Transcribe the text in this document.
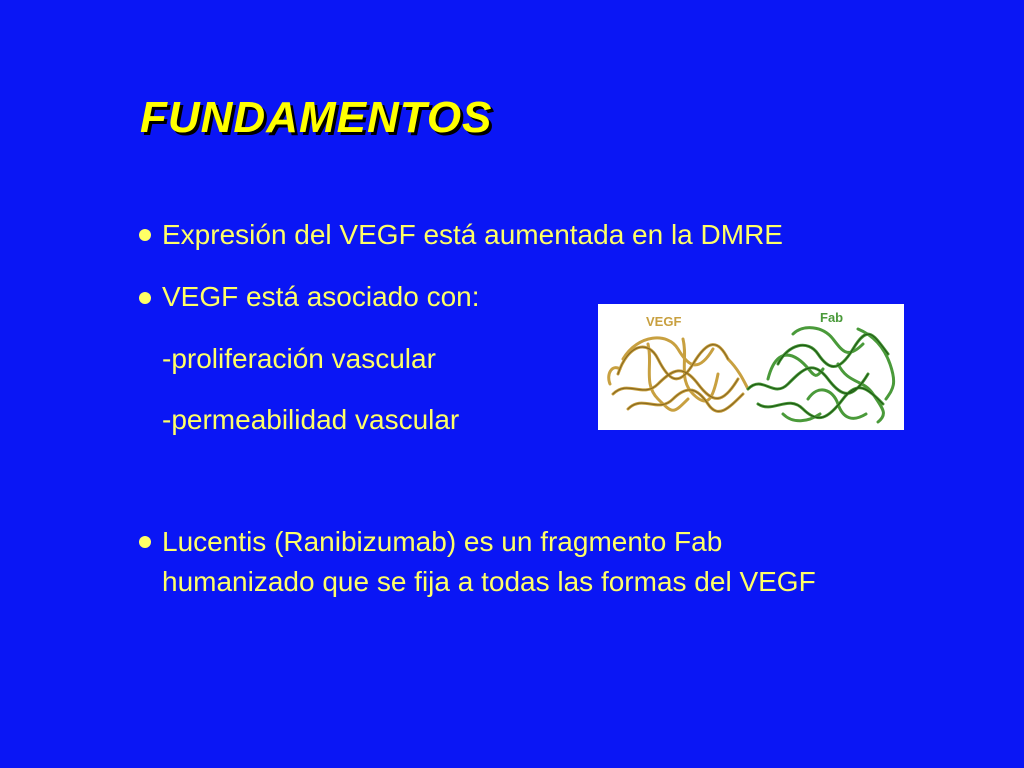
FUNDAMENTOS
Expresión del VEGF está aumentada en la DMRE
VEGF está asociado con:
-proliferación vascular
-permeabilidad vascular
Lucentis (Ranibizumab) es un fragmento Fab
humanizado que se fija a todas las formas del VEGF
VEGF	Fab
